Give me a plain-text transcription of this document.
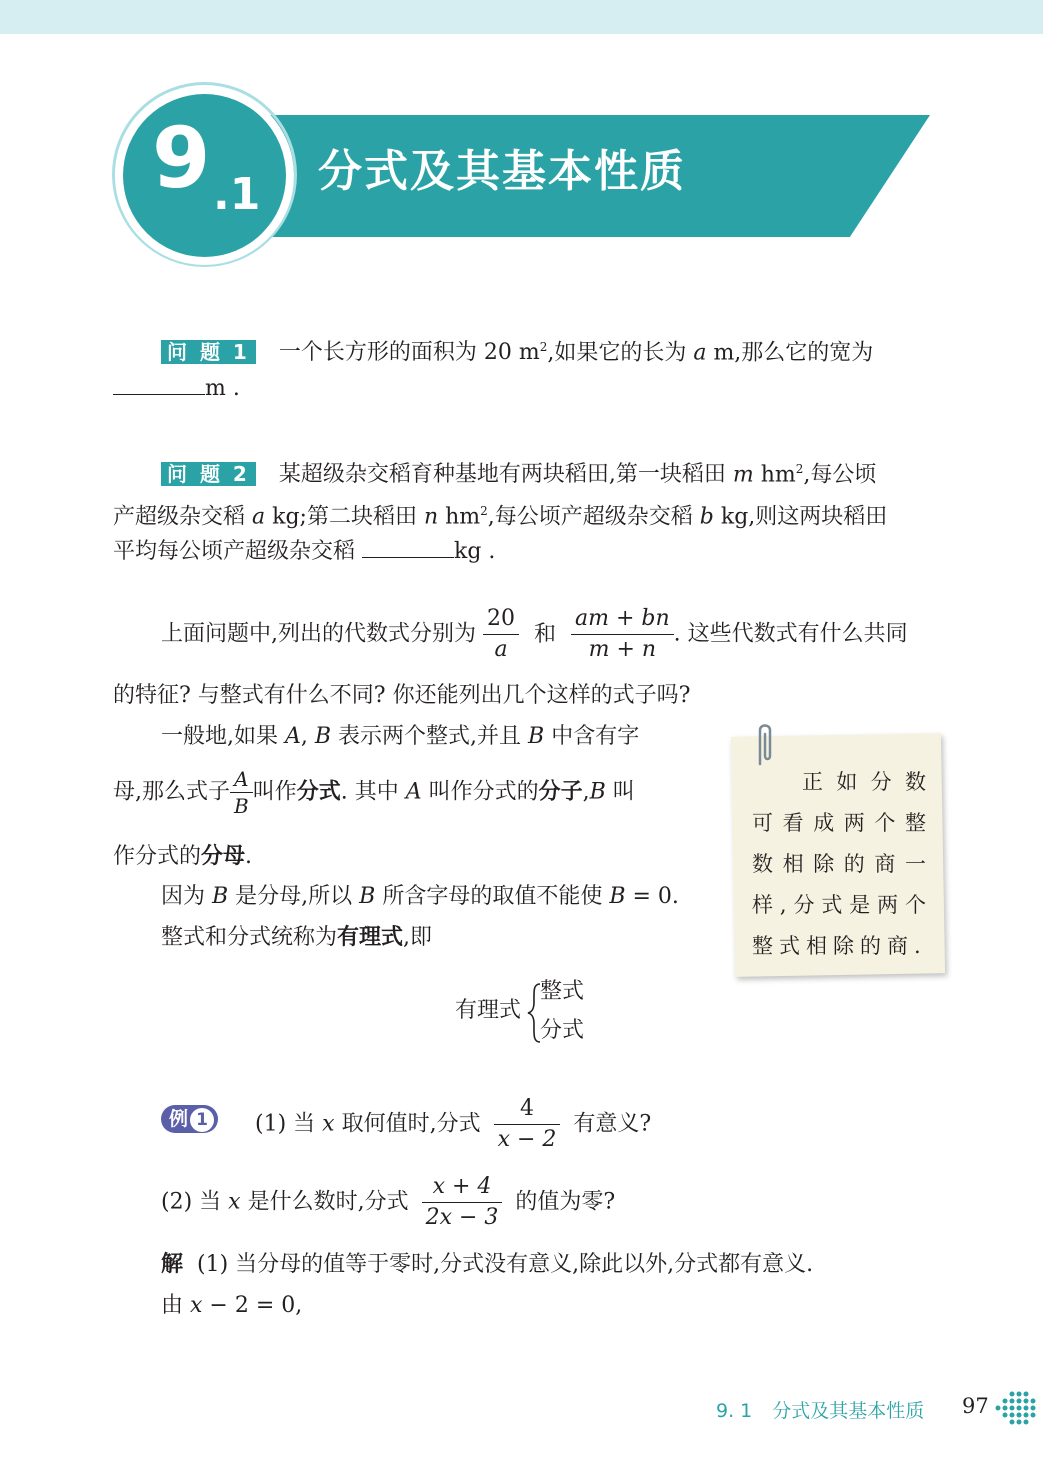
9 .1 分式及其基本性质
问 题 1 一个长方形的面积为 20 $m^2$,如果它的长为 a m,那么它的宽为
m .
问 题 2 某超级杂交稻育种基地有两块稻田,第一块稻田 m $hm^2$,每公顷
产超级杂交稻 a kg;第二块稻田 n $hm^2$,每公顷产超级杂交稻 b kg,则这两块稻田
平均每公顷产超级杂交稻	kg .
上面问题中,列出的代数式分别为 $\frac{20}{a}$ 和 $\frac{am + bn}{m + n}$ . 这些代数式有什么共同
的特征? 与整式有什么不同? 你还能列出几个这样的式子吗?
一般地,如果 A, B 表示两个整式,并且 B 中含有字
母,那么式子 $\frac{A}{B}$ 叫作分式. 其中 A 叫作分式的分子,B 叫
作分式的分母.
因为 B 是分母,所以 B 所含字母的取值不能使 B = 0.
整式和分式统称为有理式,即
有理式
整式
分式
正如分数可看成两个整数相除的商一样,分式是两个整式相除的商.
例 1	(1) 当 x 取何值时,分式 $\frac{4}{x - 2}$ 有意义?
(2) 当 x 是什么数时,分式 $\frac{x + 4}{2x - 3}$ 的值为零?
解 (1) 当分母的值等于零时,分式没有意义,除此以外,分式都有意义.
由 x − 2 = 0,
9. 1 分式及其基本性质 97
